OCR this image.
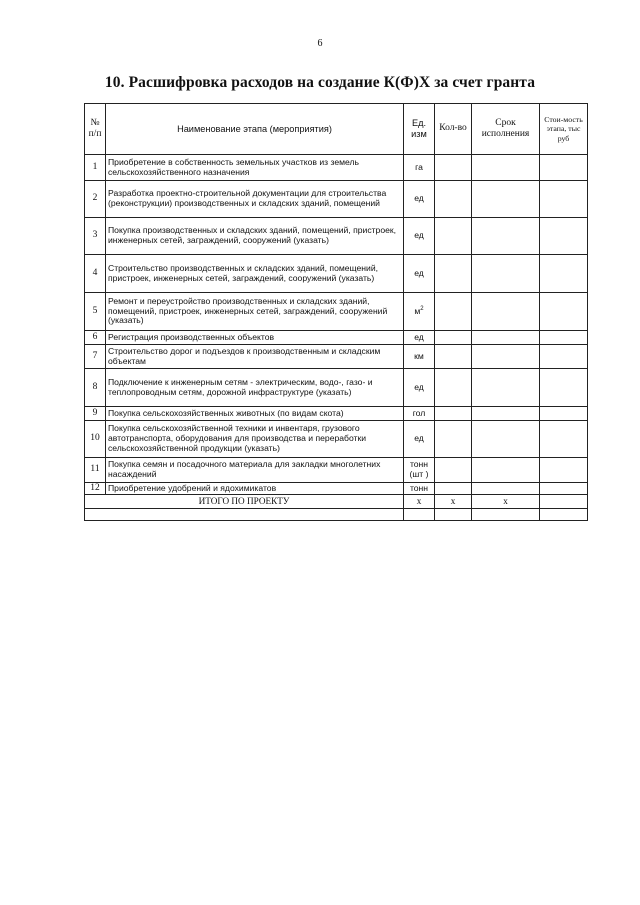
6
10. Расшифровка расходов на создание К(Ф)Х за счет гранта
№ п/п	Наименование этапа (мероприятия)	Ед. изм	Кол-во	Срок исполнения	Стои-мость этапа, тыс руб
1	Приобретение в собственность земельных участков из земель сельскохозяйственного назначения	га			
2	Разработка проектно-строительной документации для строительства (реконструкции) производственных и складских зданий, помещений	ед			
3	Покупка производственных и складских зданий, помещений, пристроек, инженерных сетей, заграждений, сооружений (указать)	ед			
4	Строительство производственных и складских зданий, помещений, пристроек, инженерных сетей, заграждений, сооружений (указать)	ед			
5	Ремонт и переустройство производственных и складских зданий, помещений, пристроек, инженерных сетей, заграждений, сооружений (указать)	$м^2$			
6	Регистрация производственных объектов	ед			
7	Строительство дорог и подъездов к производственным и складским объектам	км			
8	Подключение к инженерным сетям - электрическим, водо-, газо- и теплопроводным сетям, дорожной инфраструктуре (указать)	ед			
9	Покупка сельскохозяйственных животных (по видам скота)	гол			
10	Покупка сельскохозяйственной техники и инвентаря, грузового автотранспорта, оборудования для производства и переработки сельскохозяйственной продукции (указать)	ед			
11	Покупка семян и посадочного материала для закладки многолетних насаждений	тонн (шт )			
12	Приобретение удобрений и ядохимикатов	тонн			
ИТОГО ПО ПРОЕКТУ		х	х	х	
